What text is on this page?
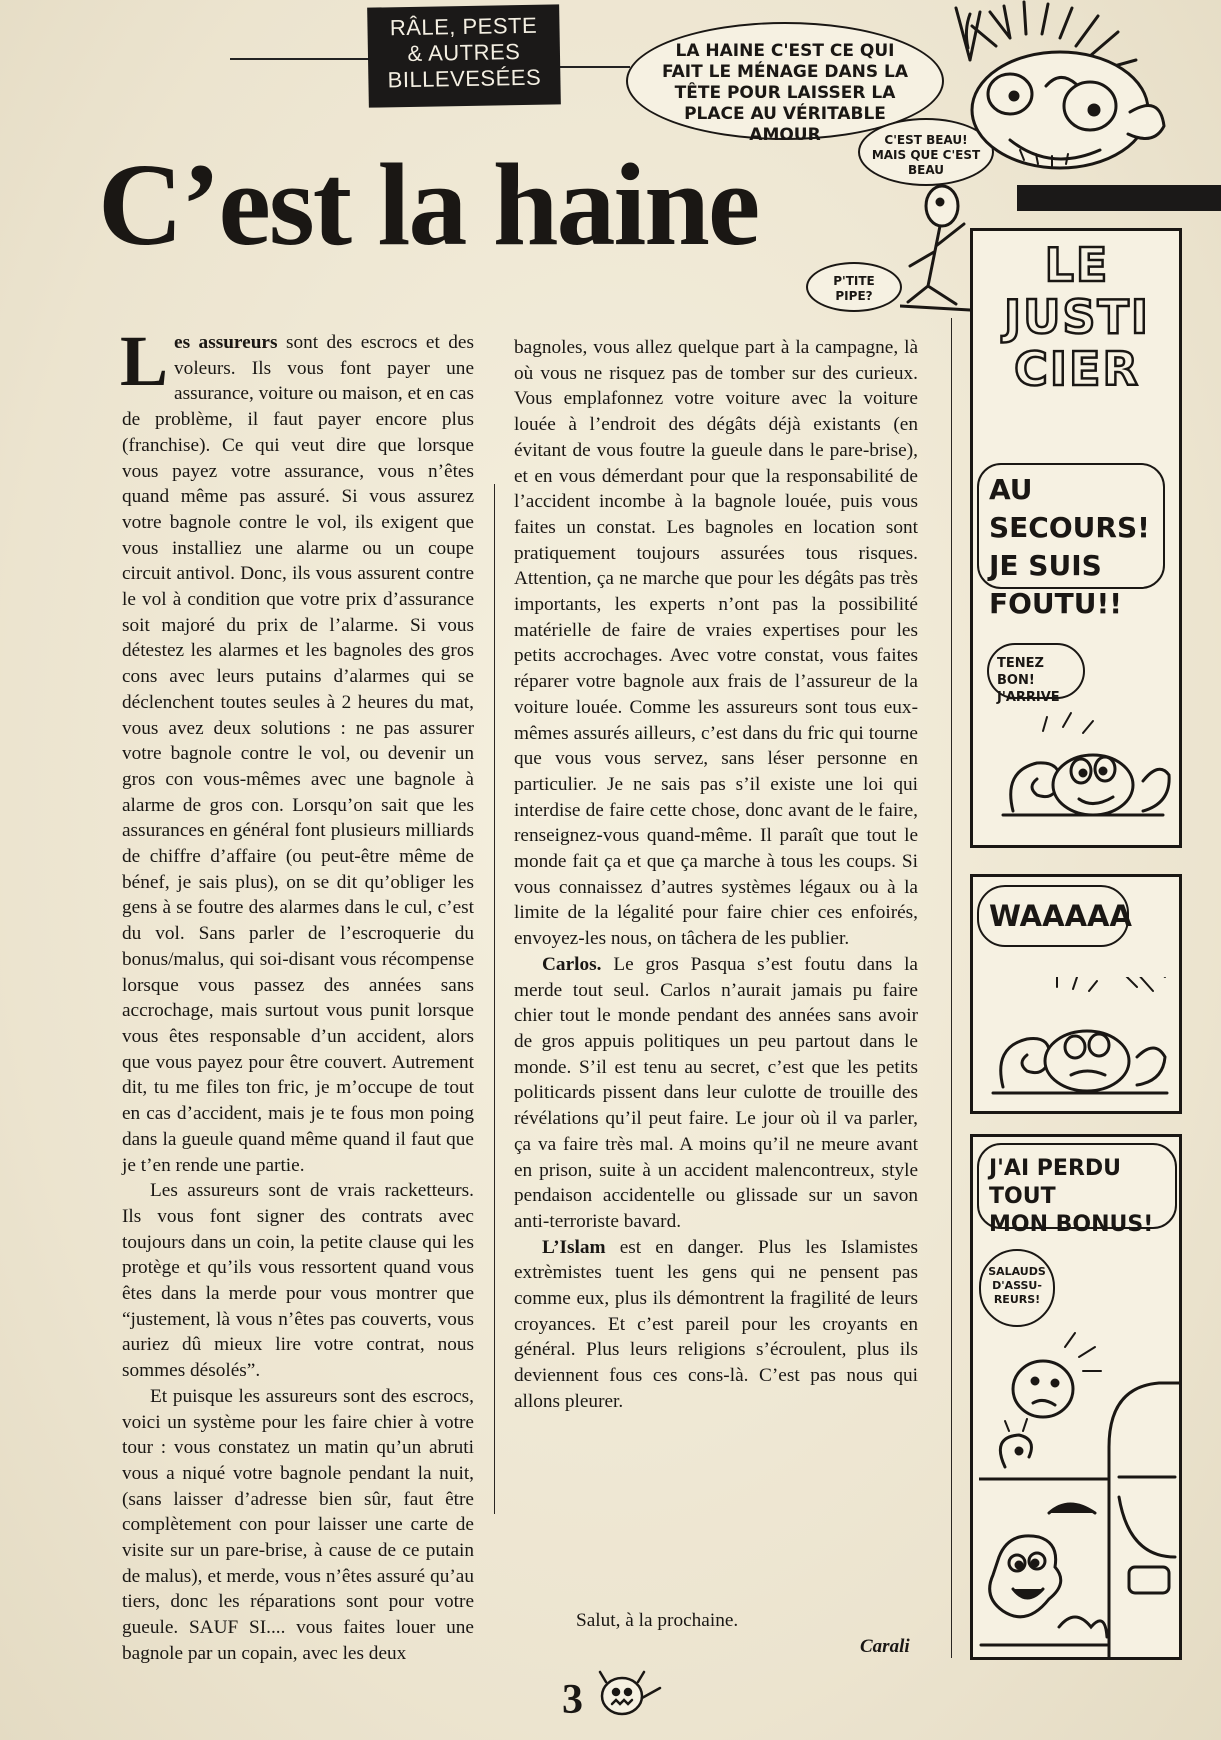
RÂLE, PESTE
& AUTRES
BILLEVESÉES
C’est la haine
LA HAINE C'EST CE QUI FAIT LE MÉNAGE DANS LA TÊTE POUR LAISSER LA PLACE AU VÉRITABLE AMOUR	C'EST BEAU! MAIS QUE C'EST BEAU
P'TITE PIPE?
LE
JUSTI
CIER
AU SECOURS!
JE SUIS
FOUTU!!
TENEZ BON!
J'ARRIVE
WAAAAA
J'AI PERDU TOUT
MON BONUS!
SALAUDS
D'ASSU-
REURS!

Les assureurs sont des escrocs et des voleurs. Ils vous font payer une assurance, voiture ou maison, et en cas de problème, il faut payer encore plus (franchise). Ce qui veut dire que lorsque vous payez votre assurance, vous n’êtes quand même pas assuré. Si vous assurez votre bagnole contre le vol, ils exigent que vous installiez une alarme ou un coupe circuit antivol. Donc, ils vous assurent contre le vol à condition que votre prix d’assurance soit majoré du prix de l’alarme. Si vous détestez les alarmes et les bagnoles des gros cons avec leurs putains d’alarmes qui se déclenchent toutes seules à 2 heures du mat, vous avez deux solutions : ne pas assurer votre bagnole contre le vol, ou devenir un gros con vous-mêmes avec une bagnole à alarme de gros con. Lorsqu’on sait que les assurances en général font plusieurs milliards de chiffre d’affaire (ou peut-être même de bénef, je sais plus), on se dit qu’obliger les gens à se foutre des alarmes dans le cul, c’est du vol. Sans parler de l’escroquerie du bonus/malus, qui soi-disant vous récompense lorsque vous passez des années sans accrochage, mais surtout vous punit lorsque vous êtes responsable d’un accident, alors que vous payez pour être couvert. Autrement dit, tu me files ton fric, je m’occupe de tout en cas d’accident, mais je te fous mon poing dans la gueule quand même quand il faut que je t’en rende une partie.

Les assureurs sont de vrais racketteurs. Ils vous font signer des contrats avec toujours dans un coin, la petite clause qui les protège et qu’ils vous ressortent quand vous êtes dans la merde pour vous montrer que “justement, là vous n’êtes pas couverts, vous auriez dû mieux lire votre contrat, nous sommes désolés”.

Et puisque les assureurs sont des escrocs, voici un système pour les faire chier à votre tour : vous constatez un matin qu’un abruti vous a niqué votre bagnole pendant la nuit, (sans laisser d’adresse bien sûr, faut être complètement con pour laisser une carte de visite sur un pare-brise, à cause de ce putain de malus), et merde, vous n’êtes assuré qu’au tiers, donc les réparations sont pour votre gueule. SAUF SI.... vous faites louer une bagnole par un copain, avec les deux

bagnoles, vous allez quelque part à la campagne, là où vous ne risquez pas de tomber sur des curieux. Vous emplafonnez votre voiture avec la voiture louée à l’endroit des dégâts déjà existants (en évitant de vous foutre la gueule dans le pare-brise), et en vous démerdant pour que la responsabilité de l’accident incombe à la bagnole louée, puis vous faites un constat. Les bagnoles en location sont pratiquement toujours assurées tous risques. Attention, ça ne marche que pour les dégâts pas très importants, les experts n’ont pas la possibilité matérielle de faire de vraies expertises pour les petits accrochages. Avec votre constat, vous faites réparer votre bagnole aux frais de l’assureur de la voiture louée. Comme les assureurs sont tous eux-mêmes assurés ailleurs, c’est dans du fric qui tourne que vous vous servez, sans léser personne en particulier. Je ne sais pas s’il existe une loi qui interdise de faire cette chose, donc avant de le faire, renseignez-vous quand-même. Il paraît que tout le monde fait ça et que ça marche à tous les coups. Si vous connaissez d’autres systèmes légaux ou à la limite de la légalité pour faire chier ces enfoirés, envoyez-les nous, on tâchera de les publier.

Carlos. Le gros Pasqua s’est foutu dans la merde tout seul. Carlos n’aurait jamais pu faire chier tout le monde pendant des années sans avoir de gros appuis politiques un peu partout dans le monde. S’il est tenu au secret, c’est que les petits politicards pissent dans leur culotte de trouille des révélations qu’il peut faire. Le jour où il va parler, ça va faire très mal. A moins qu’il ne meure avant en prison, suite à un accident malencontreux, style pendaison accidentelle ou glissade sur un savon anti-terroriste bavard.

L’Islam est en danger. Plus les Islamistes extrèmistes tuent les gens qui ne pensent pas comme eux, plus ils démontrent la fragilité de leurs croyances. Et c’est pareil pour les croyants en général. Plus leurs religions s’écroulent, plus ils deviennent fous ces cons-là. C’est pas nous qui allons pleurer.

Salut, à la prochaine.
Carali
3
